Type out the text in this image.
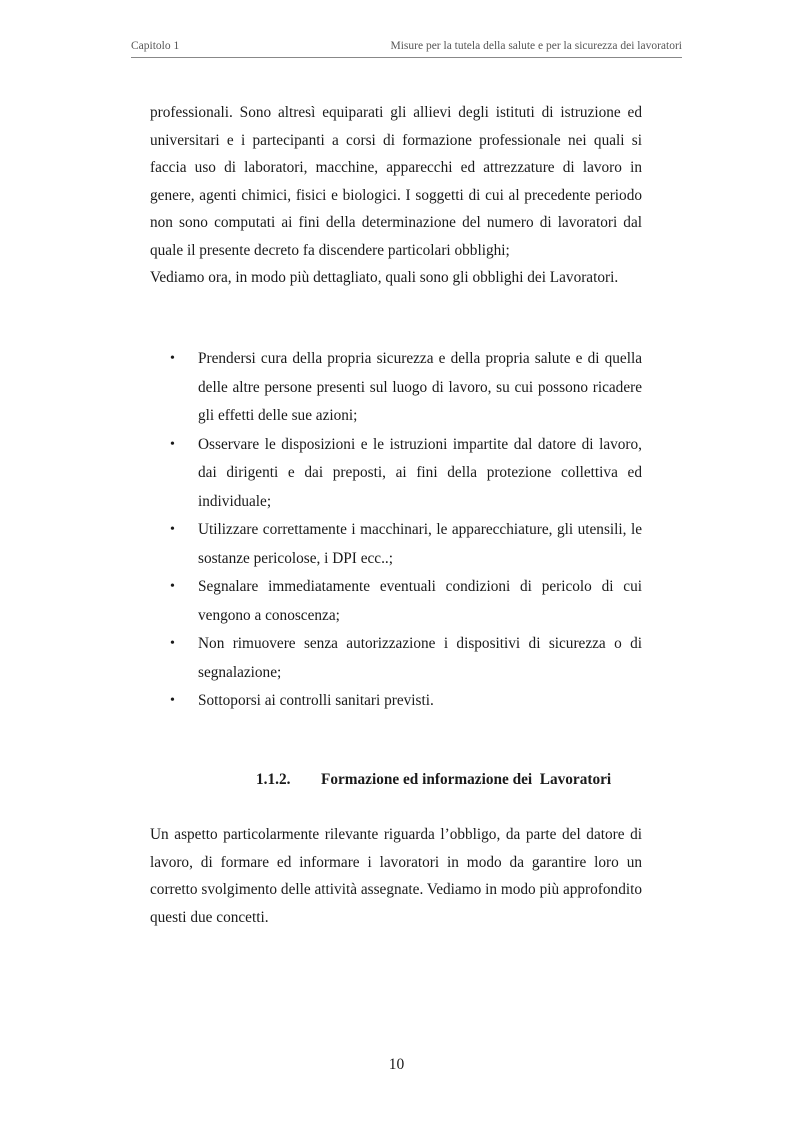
Capitolo 1	Misure per la tutela della salute e per la sicurezza dei lavoratori

professionali. Sono altresì equiparati gli allievi degli istituti di istruzione ed universitari e i partecipanti a corsi di formazione professionale nei quali si faccia uso di laboratori, macchine, apparecchi ed attrezzature di lavoro in genere, agenti chimici, fisici e biologici. I soggetti di cui al precedente periodo non sono computati ai fini della determinazione del numero di lavoratori dal quale il presente decreto fa discendere particolari obblighi;
Vediamo ora, in modo più dettagliato, quali sono gli obblighi dei Lavoratori.

• Prendersi cura della propria sicurezza e della propria salute e di quella delle altre persone presenti sul luogo di lavoro, su cui possono ricadere gli effetti delle sue azioni;
• Osservare le disposizioni e le istruzioni impartite dal datore di lavoro, dai dirigenti e dai preposti, ai fini della protezione collettiva ed individuale;
• Utilizzare correttamente i macchinari, le apparecchiature, gli utensili, le sostanze pericolose, i DPI ecc..;
• Segnalare immediatamente eventuali condizioni di pericolo di cui vengono a conoscenza;
• Non rimuovere senza autorizzazione i dispositivi di sicurezza o di segnalazione;
• Sottoporsi ai controlli sanitari previsti.
1.1.2. Formazione ed informazione dei  Lavoratori

Un aspetto particolarmente rilevante riguarda l’obbligo, da parte del datore di lavoro, di formare ed informare i lavoratori in modo da garantire loro un corretto svolgimento delle attività assegnate. Vediamo in modo più approfondito questi due concetti.

10
